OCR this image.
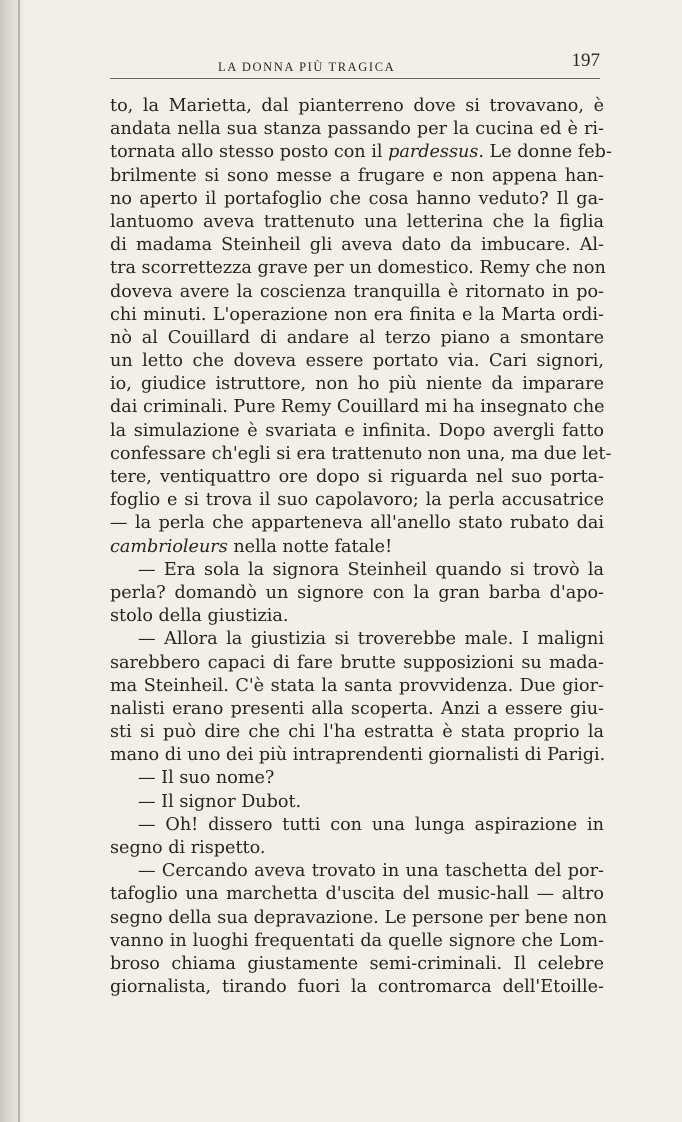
LA DONNA PIÙ TRAGICA	197
to, la Marietta, dal pianterreno dove si trovavano, è
andata nella sua stanza passando per la cucina ed è ri-
tornata allo stesso posto con il pardessus. Le donne feb-
brilmente si sono messe a frugare e non appena han-
no aperto il portafoglio che cosa hanno veduto? Il ga-
lantuomo aveva trattenuto una letterina che la figlia
di madama Steinheil gli aveva dato da imbucare. Al-
tra scorrettezza grave per un domestico. Remy che non
doveva avere la coscienza tranquilla è ritornato in po-
chi minuti. L'operazione non era finita e la Marta ordi-
nò al Couillard di andare al terzo piano a smontare
un letto che doveva essere portato via. Cari signori,
io, giudice istruttore, non ho più niente da imparare
dai criminali. Pure Remy Couillard mi ha insegnato che
la simulazione è svariata e infinita. Dopo avergli fatto
confessare ch'egli si era trattenuto non una, ma due let-
tere, ventiquattro ore dopo si riguarda nel suo porta-
foglio e si trova il suo capolavoro; la perla accusatrice
— la perla che apparteneva all'anello stato rubato dai
cambrioleurs nella notte fatale!
— Era sola la signora Steinheil quando si trovò la
perla? domandò un signore con la gran barba d'apo-
stolo della giustizia.
— Allora la giustizia si troverebbe male. I maligni
sarebbero capaci di fare brutte supposizioni su mada-
ma Steinheil. C'è stata la santa provvidenza. Due gior-
nalisti erano presenti alla scoperta. Anzi a essere giu-
sti si può dire che chi l'ha estratta è stata proprio la
mano di uno dei più intraprendenti giornalisti di Parigi.
— Il suo nome?
— Il signor Dubot.
— Oh! dissero tutti con una lunga aspirazione in
segno di rispetto.
— Cercando aveva trovato in una taschetta del por-
tafoglio una marchetta d'uscita del music-hall — altro
segno della sua depravazione. Le persone per bene non
vanno in luoghi frequentati da quelle signore che Lom-
broso chiama giustamente semi-criminali. Il celebre
giornalista, tirando fuori la contromarca dell'Etoille-
